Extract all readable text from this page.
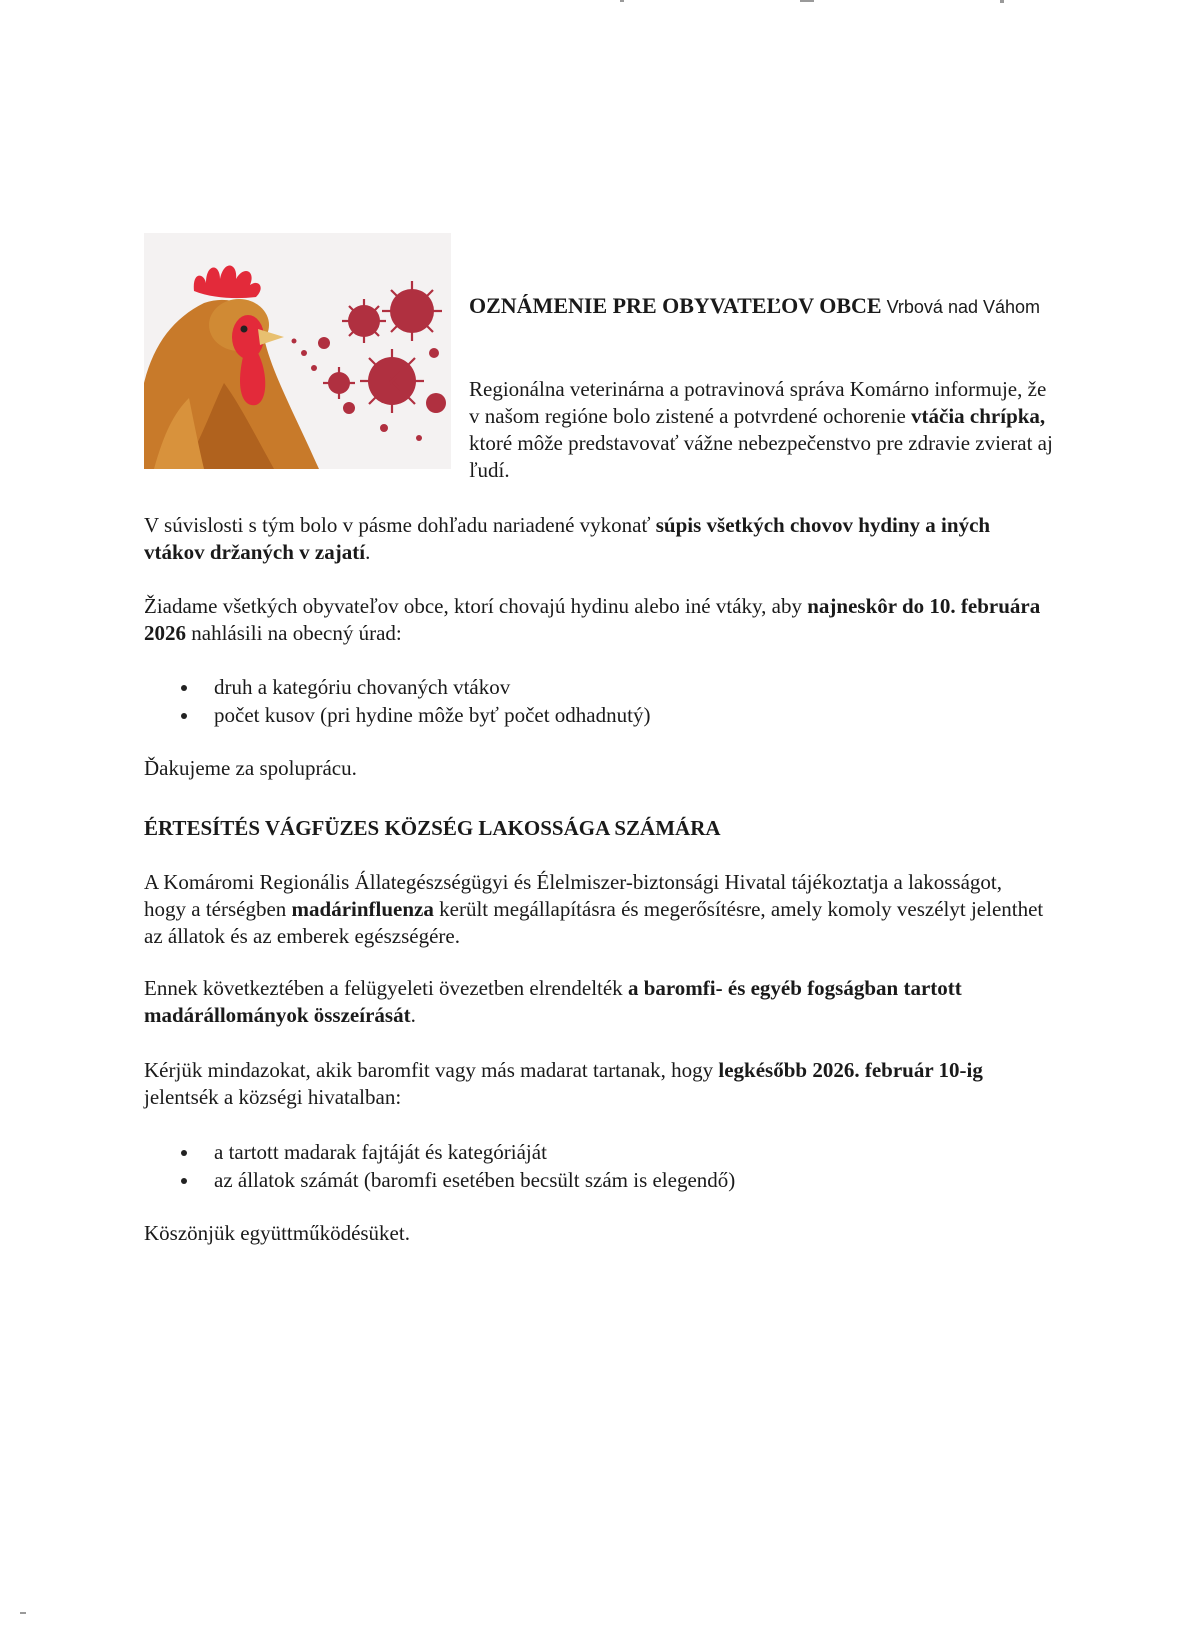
OZNÁMENIE PRE OBYVATEĽOV OBCE Vrbová nad Váhom

Regionálna veterinárna a potravinová správa Komárno informuje, že v našom regióne bolo zistené a potvrdené ochorenie vtáčia chrípka, ktoré môže predstavovať vážne nebezpečenstvo pre zdravie zvierat aj ľudí.

V súvislosti s tým bolo v pásme dohľadu nariadené vykonať súpis všetkých chovov hydiny a iných vtákov držaných v zajatí.

Žiadame všetkých obyvateľov obce, ktorí chovajú hydinu alebo iné vtáky, aby najneskôr do 10. februára 2026 nahlásili na obecný úrad:

druh a kategóriu chovaných vtákov
počet kusov (pri hydine môže byť počet odhadnutý)

Ďakujeme za spoluprácu.

ÉRTESÍTÉS VÁGFÜZES KÖZSÉG LAKOSSÁGA SZÁMÁRA

A Komáromi Regionális Állategészségügyi és Élelmiszer-biztonsági Hivatal tájékoztatja a lakosságot, hogy a térségben madárinfluenza került megállapításra és megerősítésre, amely komoly veszélyt jelenthet az állatok és az emberek egészségére.

Ennek következtében a felügyeleti övezetben elrendelték a baromfi- és egyéb fogságban tartott madárállományok összeírását.

Kérjük mindazokat, akik baromfit vagy más madarat tartanak, hogy legkésőbb 2026. február 10-ig jelentsék a községi hivatalban:

a tartott madarak fajtáját és kategóriáját
az állatok számát (baromfi esetében becsült szám is elegendő)

Köszönjük együttműködésüket.
